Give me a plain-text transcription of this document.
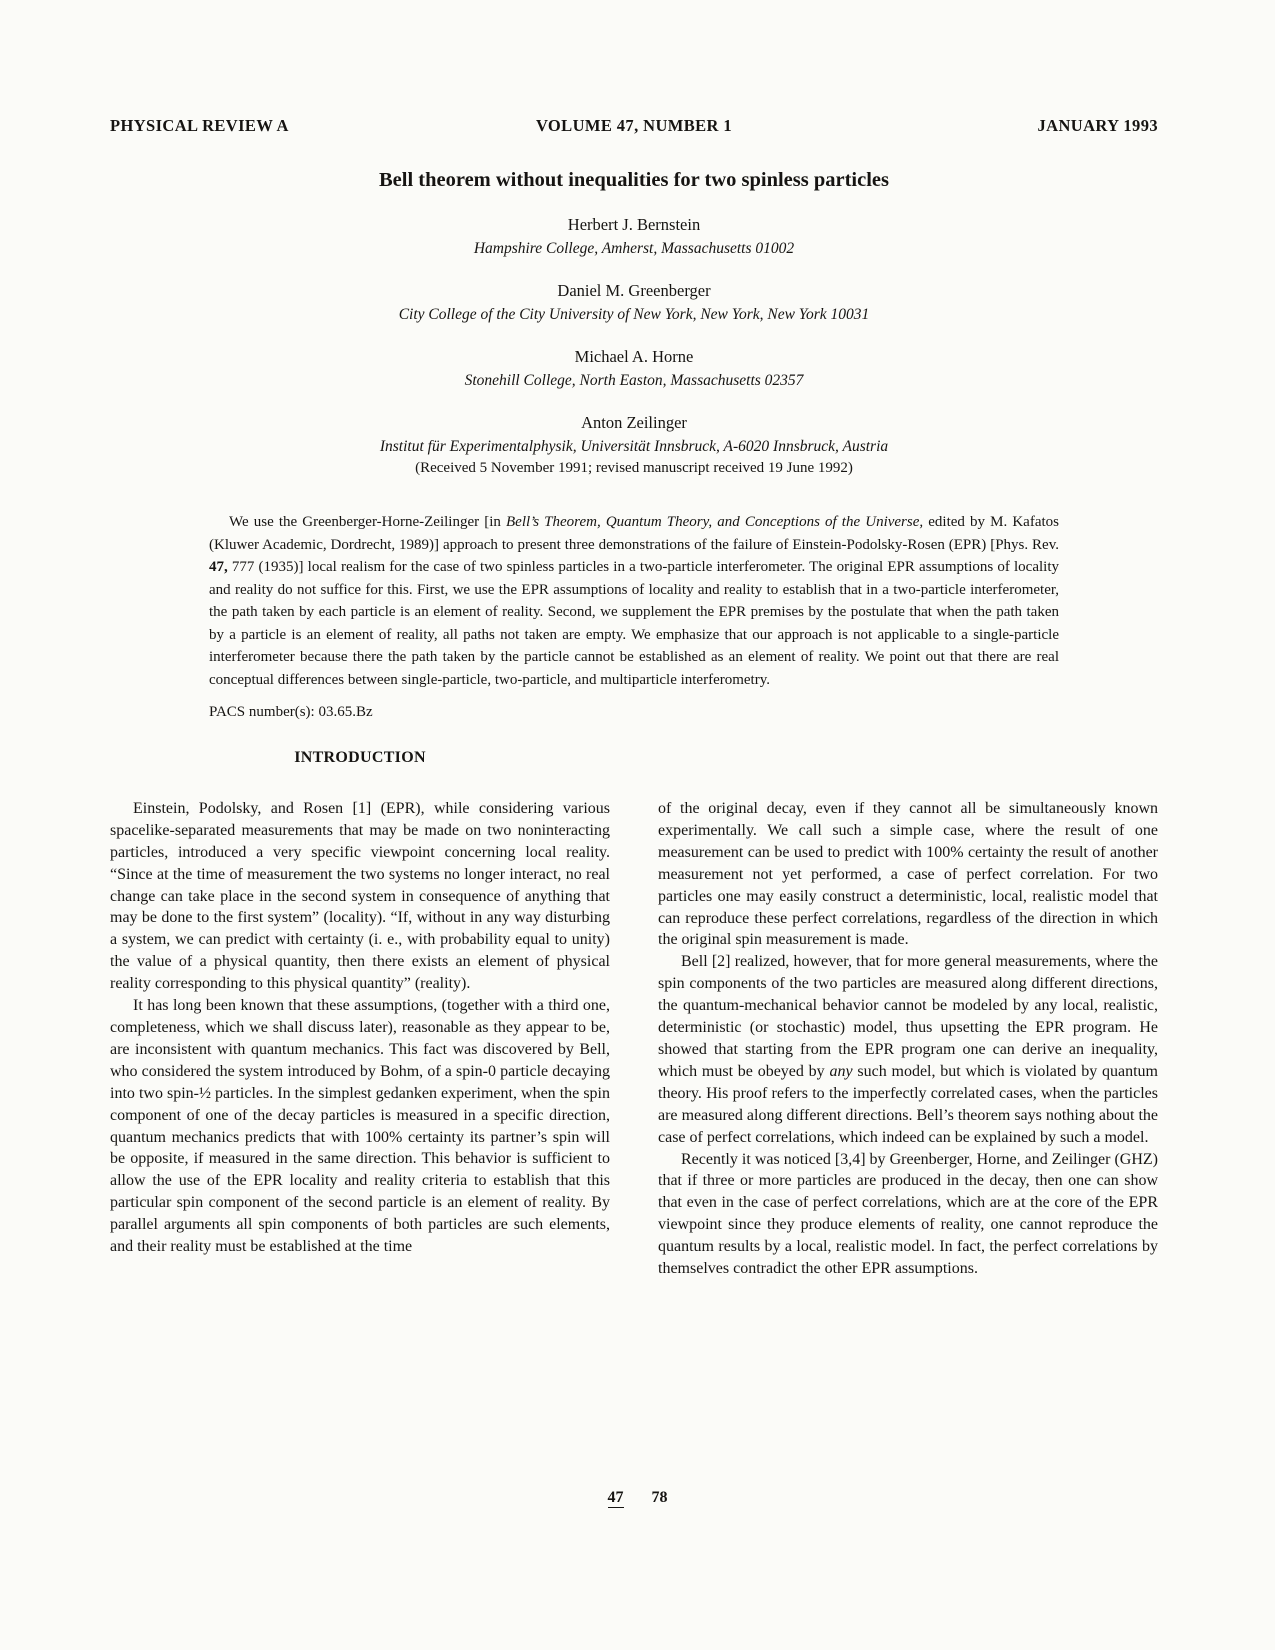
PHYSICAL REVIEW A	VOLUME 47, NUMBER 1	JANUARY 1993
Bell theorem without inequalities for two spinless particles
Herbert J. Bernstein
Hampshire College, Amherst, Massachusetts 01002
Daniel M. Greenberger
City College of the City University of New York, New York, New York 10031
Michael A. Horne
Stonehill College, North Easton, Massachusetts 02357
Anton Zeilinger
Institut für Experimentalphysik, Universität Innsbruck, A-6020 Innsbruck, Austria
(Received 5 November 1991; revised manuscript received 19 June 1992)

We use the Greenberger-Horne-Zeilinger [in Bell’s Theorem, Quantum Theory, and Conceptions of the Universe, edited by M. Kafatos (Kluwer Academic, Dordrecht, 1989)] approach to present three demonstrations of the failure of Einstein-Podolsky-Rosen (EPR) [Phys. Rev. 47, 777 (1935)] local realism for the case of two spinless particles in a two-particle interferometer. The original EPR assumptions of locality and reality do not suffice for this. First, we use the EPR assumptions of locality and reality to establish that in a two-particle interferometer, the path taken by each particle is an element of reality. Second, we supplement the EPR premises by the postulate that when the path taken by a particle is an element of reality, all paths not taken are empty. We emphasize that our approach is not applicable to a single-particle interferometer because there the path taken by the particle cannot be established as an element of reality. We point out that there are real conceptual differences between single-particle, two-particle, and multiparticle interferometry.

PACS number(s): 03.65.Bz
INTRODUCTION

Einstein, Podolsky, and Rosen [1] (EPR), while considering various spacelike-separated measurements that may be made on two noninteracting particles, introduced a very specific viewpoint concerning local reality. “Since at the time of measurement the two systems no longer interact, no real change can take place in the second system in consequence of anything that may be done to the first system” (locality). “If, without in any way disturbing a system, we can predict with certainty (i. e., with probability equal to unity) the value of a physical quantity, then there exists an element of physical reality corresponding to this physical quantity” (reality).

It has long been known that these assumptions, (together with a third one, completeness, which we shall discuss later), reasonable as they appear to be, are inconsistent with quantum mechanics. This fact was discovered by Bell, who considered the system introduced by Bohm, of a spin-0 particle decaying into two spin-½ particles. In the simplest gedanken experiment, when the spin component of one of the decay particles is measured in a specific direction, quantum mechanics predicts that with 100% certainty its partner’s spin will be opposite, if measured in the same direction. This behavior is sufficient to allow the use of the EPR locality and reality criteria to establish that this particular spin component of the second particle is an element of reality. By parallel arguments all spin components of both particles are such elements, and their reality must be established at the time

of the original decay, even if they cannot all be simultaneously known experimentally. We call such a simple case, where the result of one measurement can be used to predict with 100% certainty the result of another measurement not yet performed, a case of perfect correlation. For two particles one may easily construct a deterministic, local, realistic model that can reproduce these perfect correlations, regardless of the direction in which the original spin measurement is made.

Bell [2] realized, however, that for more general measurements, where the spin components of the two particles are measured along different directions, the quantum-mechanical behavior cannot be modeled by any local, realistic, deterministic (or stochastic) model, thus upsetting the EPR program. He showed that starting from the EPR program one can derive an inequality, which must be obeyed by any such model, but which is violated by quantum theory. His proof refers to the imperfectly correlated cases, when the particles are measured along different directions. Bell’s theorem says nothing about the case of perfect correlations, which indeed can be explained by such a model.

Recently it was noticed [3,4] by Greenberger, Horne, and Zeilinger (GHZ) that if three or more particles are produced in the decay, then one can show that even in the case of perfect correlations, which are at the core of the EPR viewpoint since they produce elements of reality, one cannot reproduce the quantum results by a local, realistic model. In fact, the perfect correlations by themselves contradict the other EPR assumptions.

47 78
